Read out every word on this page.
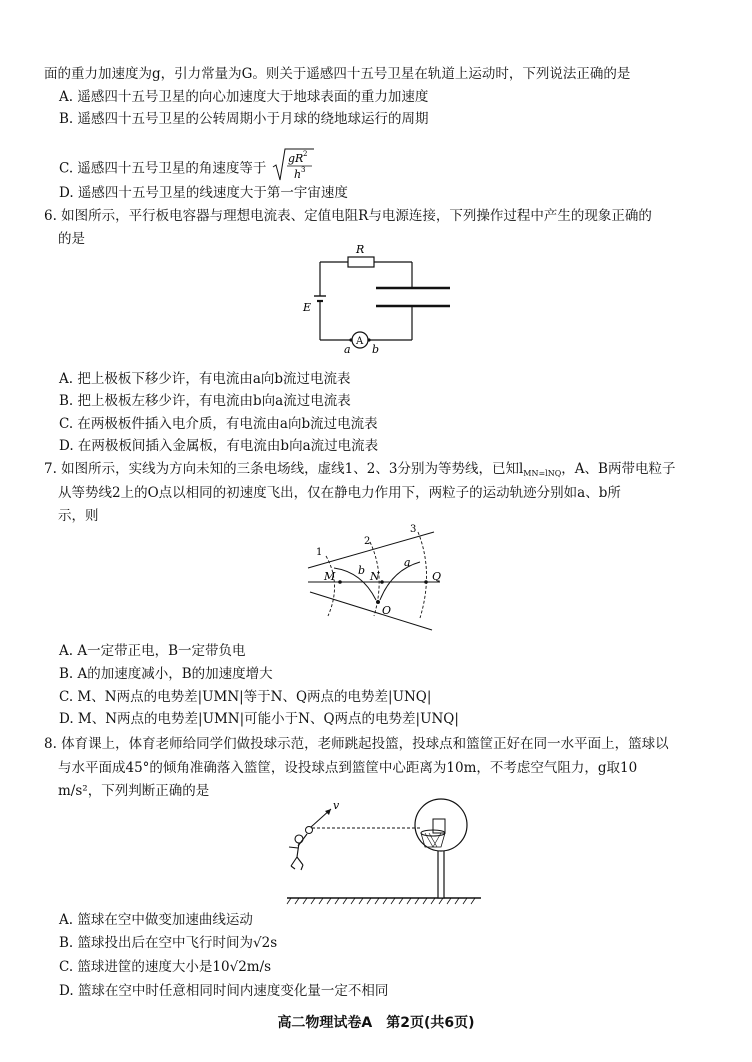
面的重力加速度为g，引力常量为G。则关于遥感四十五号卫星在轨道上运动时，下列说法正确的是
A. 遥感四十五号卫星的向心加速度大于地球表面的重力加速度
B. 遥感四十五号卫星的公转周期小于月球的绕地球运行的周期
C. 遥感四十五号卫星的角速度等于
gR 2
h 3
D. 遥感四十五号卫星的线速度大于第一宇宙速度
6. 如图所示，平行板电容器与理想电流表、定值电阻R与电源连接，下列操作过程中产生的现象正确的
的是
R
E
A
a b
A. 把上极板下移少许，有电流由a向b流过电流表
B. 把上极板左移少许，有电流由b向a流过电流表
C. 在两极板件插入电介质，有电流由a向b流过电流表
D. 在两极板间插入金属板，有电流由b向a流过电流表
7. 如图所示，实线为方向未知的三条电场线，虚线1、2、3分别为等势线，已知$l_{MN=lNQ}$，A、B两带电粒子
从等势线2上的O点以相同的初速度飞出，仅在静电力作用下，两粒子的运动轨迹分别如a、b所
示，则
1
2
3
M	N	Q
O
a
b
A. A一定带正电，B一定带负电
B. A的加速度减小，B的加速度增大
C. M、N两点的电势差|UMN|等于N、Q两点的电势差|UNQ|
D. M、N两点的电势差|UMN|可能小于N、Q两点的电势差|UNQ|
8. 体育课上，体育老师给同学们做投球示范，老师跳起投篮，投球点和篮筐正好在同一水平面上，篮球以
与水平面成45°的倾角准确落入篮筐，设投球点到篮筐中心距离为10m，不考虑空气阻力，g取10
m/s²，下列判断正确的是
v
A. 篮球在空中做变加速曲线运动
B. 篮球投出后在空中飞行时间为√2s
C. 篮球进筐的速度大小是10√2m/s
D. 篮球在空中时任意相同时间内速度变化量一定不相同
高二物理试卷A　第2页(共6页)
